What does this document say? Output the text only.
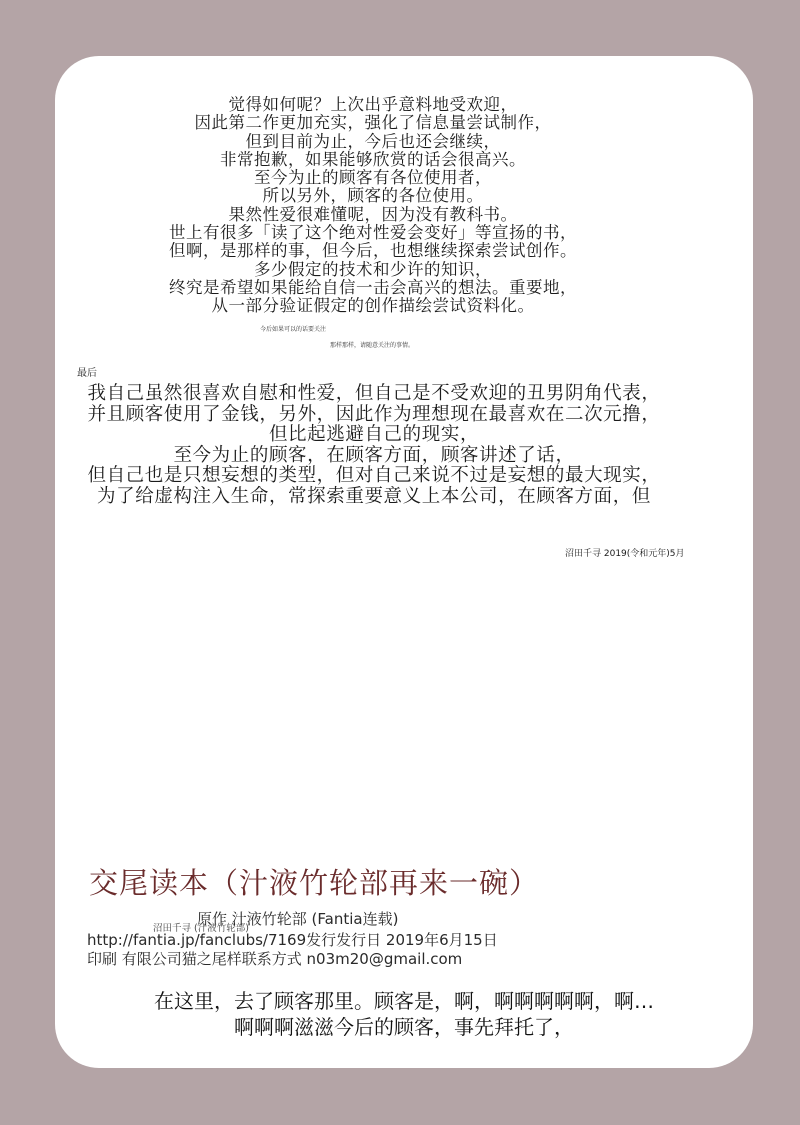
觉得如何呢？上次出乎意料地受欢迎，
因此第二作更加充实，强化了信息量尝试制作，
但到目前为止，今后也还会继续，
非常抱歉，如果能够欣赏的话会很高兴。
至今为止的顾客有各位使用者，
所以另外，顾客的各位使用。
果然性爱很难懂呢，因为没有教科书。
世上有很多「读了这个绝对性爱会变好」等宣扬的书，
但啊，是那样的事，但今后，也想继续探索尝试创作。
多少假定的技术和少许的知识，
终究是希望如果能给自信一击会高兴的想法。重要地，
从一部分验证假定的创作描绘尝试资料化。
今后如果可以的话要关注
那样那样，请随意关注的事情。
最后
我自己虽然很喜欢自慰和性爱，但自己是不受欢迎的丑男阴角代表，
并且顾客使用了金钱，另外，因此作为理想现在最喜欢在二次元撸，
但比起逃避自己的现实，
至今为止的顾客，在顾客方面，顾客讲述了话，
但自己也是只想妄想的类型，但对自己来说不过是妄想的最大现实，
为了给虚构注入生命，常探索重要意义上本公司，在顾客方面，但
沼田千寻 2019(令和元年)5月
交尾读本（汁液竹轮部再来一碗）
原作 汁液竹轮部 (Fantia连载)
沼田千寻 (汁液竹轮部)
http://fantia.jp/fanclubs/7169发行发行日 2019年6月15日
印刷 有限公司猫之尾样联系方式 n03m20@gmail.com
在这里，去了顾客那里。顾客是，啊，啊啊啊啊啊，啊…
啊啊啊滋滋今后的顾客，事先拜托了，
